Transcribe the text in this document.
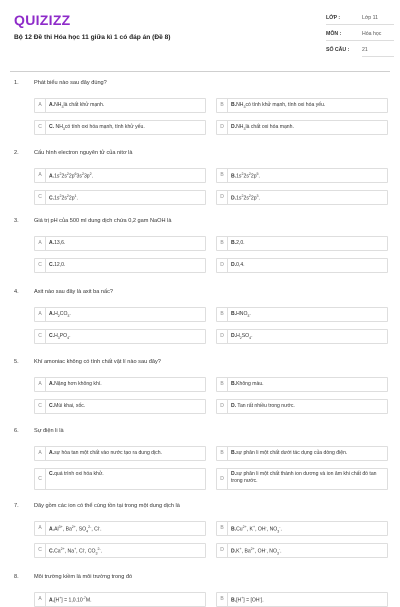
QUIZIZZ
Bộ 12 Đề thi Hóa học 11 giữa kì 1 có đáp án (Đề 8)
LỚP :	Lớp 11
MÔN :	Hóa học
SỐ CÂU :	21
1.	Phát biểu nào sau đây đúng?
A	$A.NH_3là$ chất khử mạnh.	B	$B.NH_3có$ tính khử mạnh, tính oxi hóa yếu.
C	C. $NH_3có$ tính oxi hóa mạnh, tính khử yếu.	D	$D.NH_3là$ chất oxi hóa mạnh.
2.	Cấu hình electron nguyên tử của nitơ là
A	$A.1s^22s^22p^63s^23p^2$.	B	$B.1s^22s^22p^5$.
C	$C.1s^22s^22p^1$.	D	$D.1s^22s^22p^3$.
3.	Giá trị pH của 500 ml dung dịch chứa 0,2 gam NaOH là
A	A.13,6.	B	B.2,0.
C	C.12,0.	D	D.0,4.
4.	Axit nào sau đây là axit ba nấc?
A	$A.H_2CO_3$.	B	$B.HNO_3$.
C	$C.H_3PO_4$.	D	$D.H_2SO_4$.
5.	Khí amoniac không có tính chất vật lí nào sau đây?
A	A.Nặng hơn không khí.	B	B.Không màu.
C	C.Mùi khai, xốc.	D	D. Tan rất nhiều trong nước.
6.	Sự điện li là
A	A.sự hòa tan một chất vào nước tạo ra dung dịch.	B	B.sự phân li một chất dưới tác dụng của dòng điện.
C
C.quá trình oxi hóa khử.
D
D.sự phân li một chất thành ion dương và ion âm khi chất đó tan trong nước.
7.	Dãy gồm các ion có thể cùng tồn tại trong một dung dịch là
A	$A.Al^{3+}$, $Ba^{2+}$, $SO_4^{2-}$, Cl-.	B	$B.Cu^{2+}$, K+, OH-, $NO_3^-$.
C	$C.Ca^{2+}$, Na+, Cl-, $CO_3^{2-}$.	D	D.K+, $Ba^{2+}$, OH-, $NO_3^-$.
8.	Môi trường kiềm là môi trường trong đó
A	$A.[H^+] = 1,0.10^{-7}M$.	B	B.[H+] = [OH-].
